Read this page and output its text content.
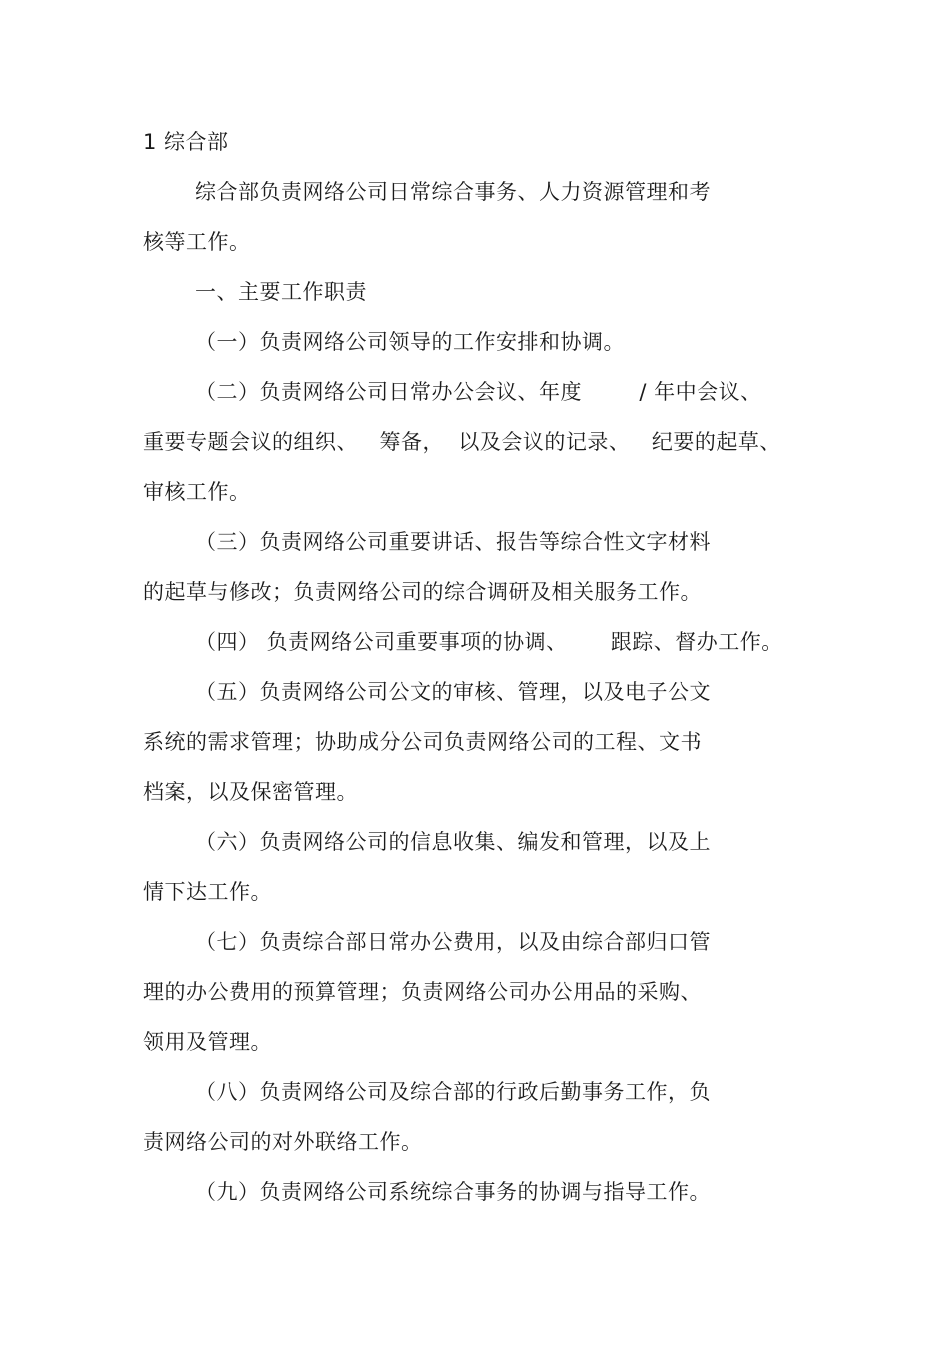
1 综合部
综合部负责网络公司日常综合事务、人力资源管理和考
核等工作。
一、主要工作职责
（一）负责网络公司领导的工作安排和协调。
（二）负责网络公司日常办公会议、年度        / 年中会议、
重要专题会议的组织、   筹备，  以及会议的记录、   纪要的起草、
审核工作。
（三）负责网络公司重要讲话、报告等综合性文字材料
的起草与修改；负责网络公司的综合调研及相关服务工作。
（四） 负责网络公司重要事项的协调、      跟踪、督办工作。
（五）负责网络公司公文的审核、管理，以及电子公文
系统的需求管理；协助成分公司负责网络公司的工程、文书
档案，以及保密管理。
（六）负责网络公司的信息收集、编发和管理，以及上
情下达工作。
（七）负责综合部日常办公费用，以及由综合部归口管
理的办公费用的预算管理；负责网络公司办公用品的采购、
领用及管理。
（八）负责网络公司及综合部的行政后勤事务工作，负
责网络公司的对外联络工作。
（九）负责网络公司系统综合事务的协调与指导工作。
